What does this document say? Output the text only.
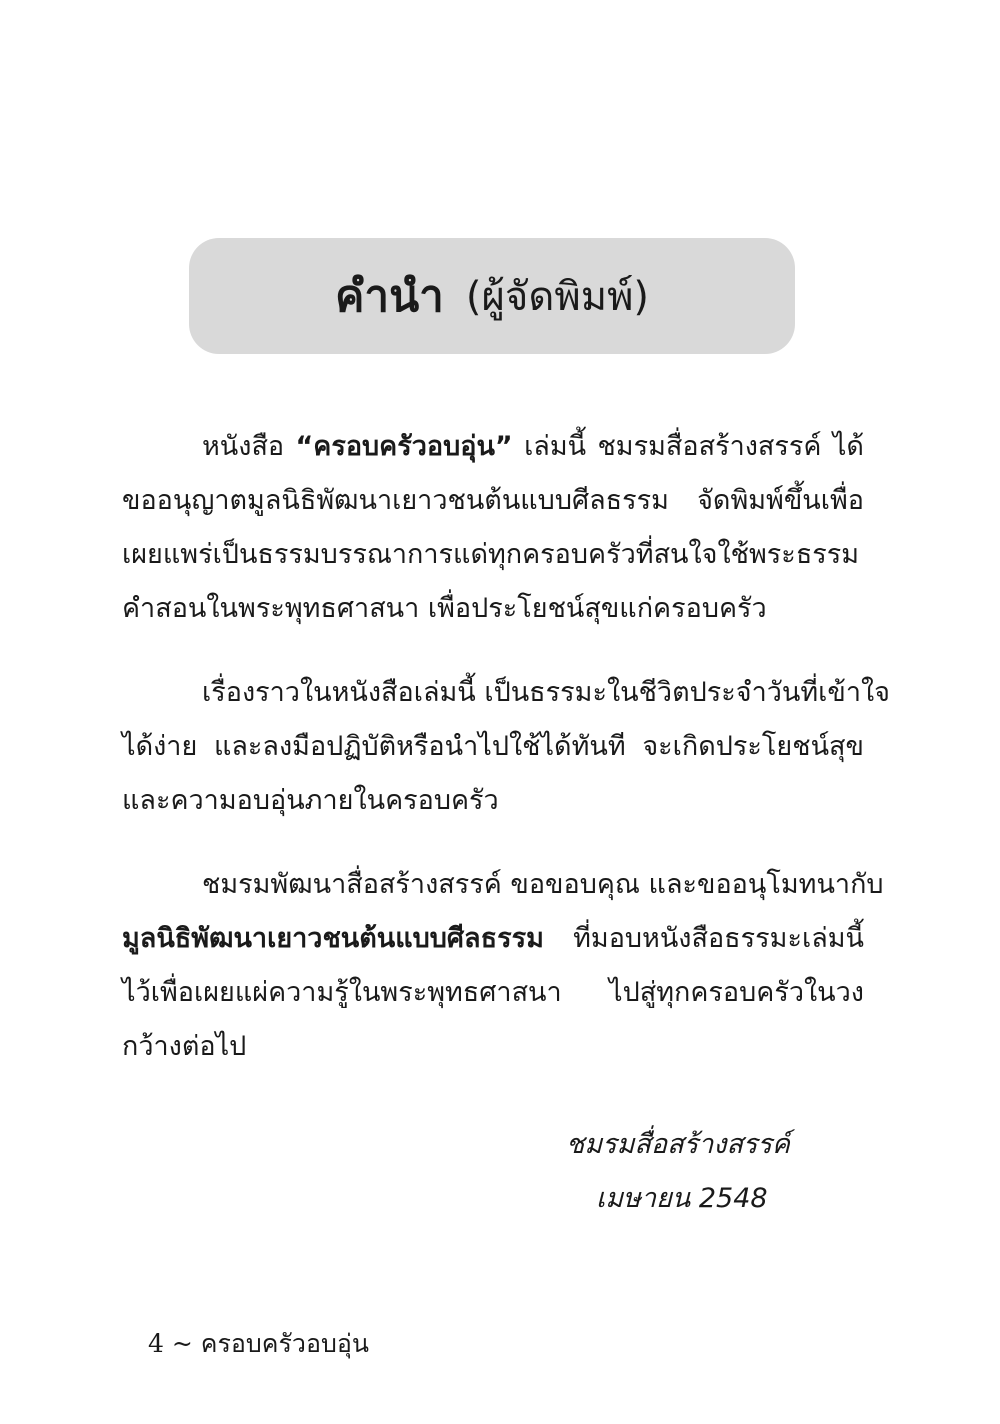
คำนำ (ผู้จัดพิมพ์)
หนังสือ “ครอบครัวอบอุ่น” เล่มนี้ ชมรมสื่อสร้างสรรค์ ได้
ขออนุญาตมูลนิธิพัฒนาเยาวชนต้นแบบศีลธรรม จัดพิมพ์ขึ้นเพื่อ
เผยแพร่เป็นธรรมบรรณาการแด่ทุกครอบครัวที่สนใจใช้พระธรรม
คำสอนในพระพุทธศาสนา เพื่อประโยชน์สุขแก่ครอบครัว
เรื่องราวในหนังสือเล่มนี้ เป็นธรรมะในชีวิตประจำวันที่เข้าใจ
ได้ง่าย และลงมือปฏิบัติหรือนำไปใช้ได้ทันที จะเกิดประโยชน์สุข
และความอบอุ่นภายในครอบครัว
ชมรมพัฒนาสื่อสร้างสรรค์ ขอขอบคุณ และขออนุโมทนากับ
มูลนิธิพัฒนาเยาวชนต้นแบบศีลธรรม ที่มอบหนังสือธรรมะเล่มนี้
ไว้เพื่อเผยแผ่ความรู้ในพระพุทธศาสนา ไปสู่ทุกครอบครัวในวง
กว้างต่อไป
ชมรมสื่อสร้างสรรค์
เมษายน 2548
4 ~ ครอบครัวอบอุ่น
